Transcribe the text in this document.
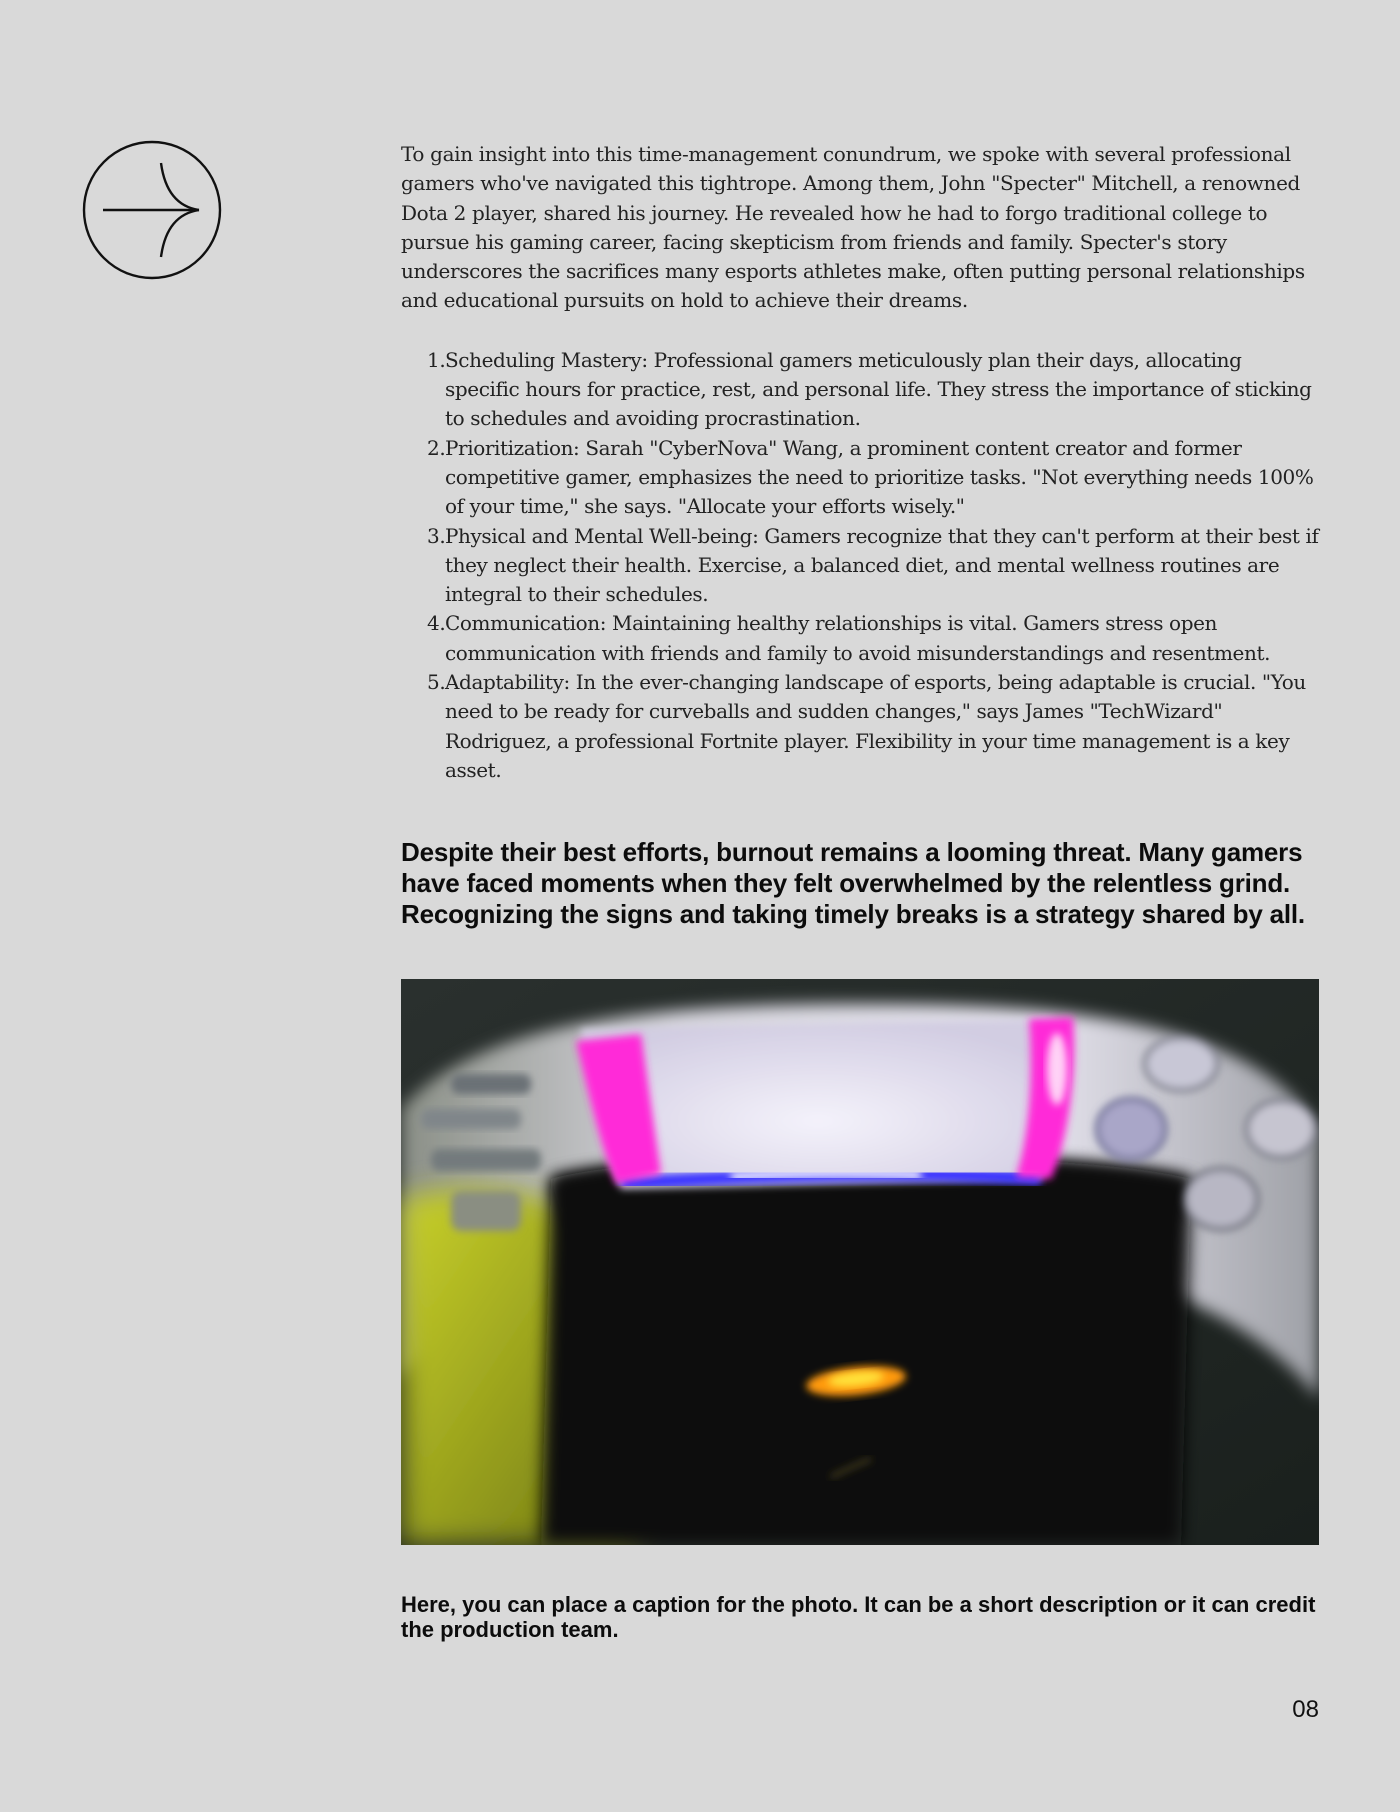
To gain insight into this time-management conundrum, we spoke with several professional gamers who've navigated this tightrope. Among them, John "Specter" Mitchell, a renowned Dota 2 player, shared his journey. He revealed how he had to forgo traditional college to pursue his gaming career, facing skepticism from friends and family. Specter's story underscores the sacrifices many esports athletes make, often putting personal relationships and educational pursuits on hold to achieve their dreams.

1. Scheduling Mastery: Professional gamers meticulously plan their days, allocating specific hours for practice, rest, and personal life. They stress the importance of sticking to schedules and avoiding procrastination.
2. Prioritization: Sarah "CyberNova" Wang, a prominent content creator and former competitive gamer, emphasizes the need to prioritize tasks. "Not everything needs 100% of your time," she says. "Allocate your efforts wisely."
3. Physical and Mental Well-being: Gamers recognize that they can't perform at their best if they neglect their health. Exercise, a balanced diet, and mental wellness routines are integral to their schedules.
4. Communication: Maintaining healthy relationships is vital. Gamers stress open communication with friends and family to avoid misunderstandings and resentment.
5. Adaptability: In the ever-changing landscape of esports, being adaptable is crucial. "You need to be ready for curveballs and sudden changes," says James "TechWizard" Rodriguez, a professional Fortnite player. Flexibility in your time management is a key asset.

Despite their best efforts, burnout remains a looming threat. Many gamers have faced moments when they felt overwhelmed by the relentless grind. Recognizing the signs and taking timely breaks is a strategy shared by all.

Here, you can place a caption for the photo. It can be a short description or it can credit the production team.

08
